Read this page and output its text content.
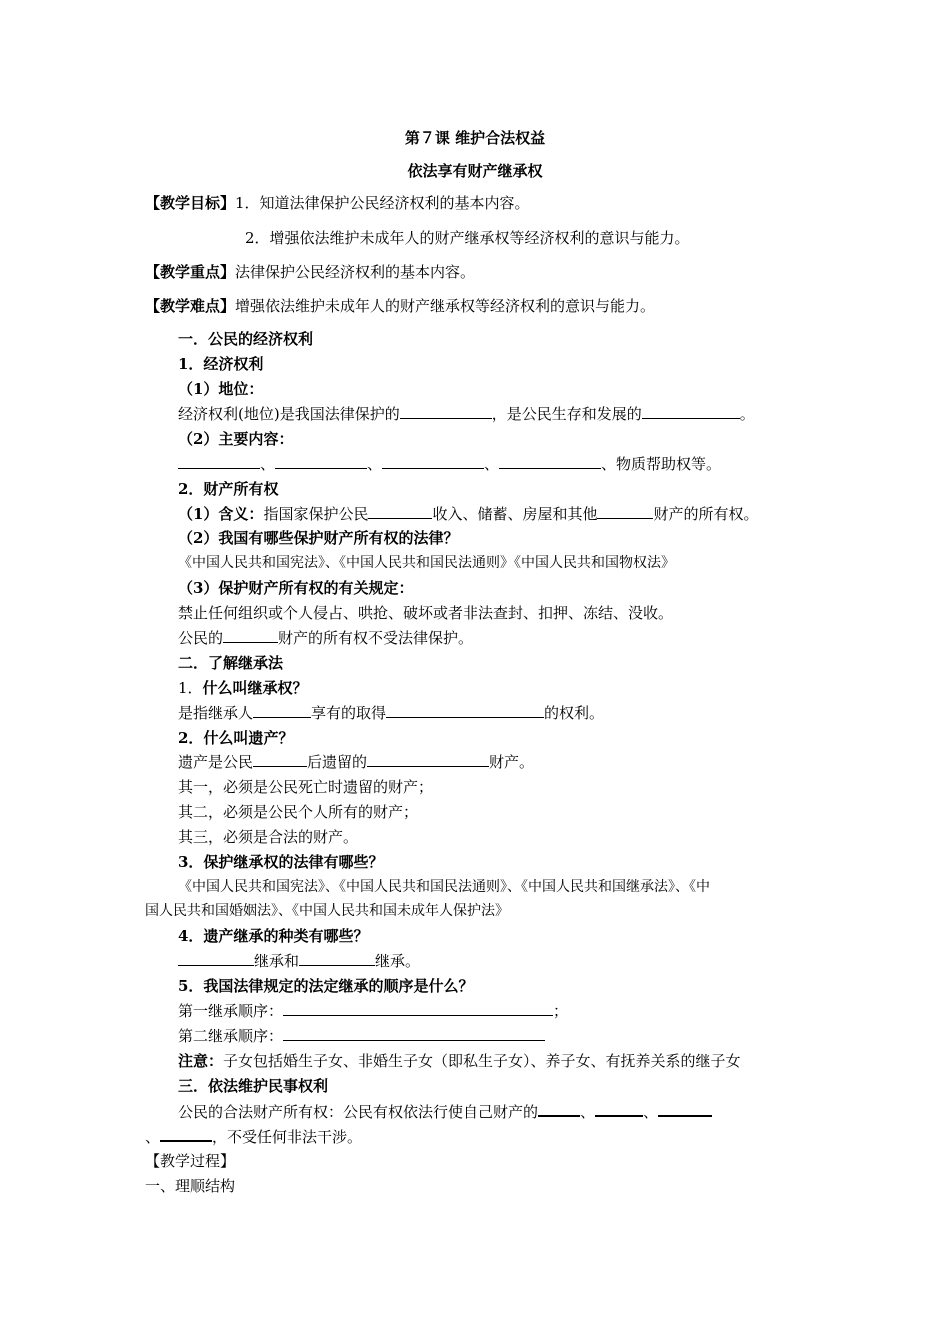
第７课 维护合法权益
依法享有财产继承权
【教学目标】1．知道法律保护公民经济权利的基本内容。
2．增强依法维护未成年人的财产继承权等经济权利的意识与能力。
【教学重点】法律保护公民经济权利的基本内容。
【教学难点】增强依法维护未成年人的财产继承权等经济权利的意识与能力。
一．公民的经济权利
1．经济权利
（1）地位：
经济权利(地位)是我国法律保护的	，是公民生存和发展的	。
（2）主要内容：
、	、	、	、物质帮助权等。
2．财产所有权
（1）含义：指国家保护公民	收入、储蓄、房屋和其他	财产的所有权。
（2）我国有哪些保护财产所有权的法律？
《中国人民共和国宪法》、《中国人民共和国民法通则》《中国人民共和国物权法》
（3）保护财产所有权的有关规定：
禁止任何组织或个人侵占、哄抢、破坏或者非法查封、扣押、冻结、没收。
公民的	财产的所有权不受法律保护。
二．了解继承法
1．什么叫继承权？
是指继承人	享有的取得	的权利。
2．什么叫遗产？
遗产是公民	后遗留的	财产。
其一，必须是公民死亡时遗留的财产；
其二，必须是公民个人所有的财产；
其三，必须是合法的财产。
3．保护继承权的法律有哪些？
《中国人民共和国宪法》、《中国人民共和国民法通则》、《中国人民共和国继承法》、《中
国人民共和国婚姻法》、《中国人民共和国未成年人保护法》
4．遗产继承的种类有哪些？
继承和	继承。
5．我国法律规定的法定继承的顺序是什么？
第一继承顺序：	；
第二继承顺序：
注意：子女包括婚生子女、非婚生子女（即私生子女）、养子女、有抚养关系的继子女
三．依法维护民事权利
公民的合法财产所有权：公民有权依法行使自己财产的	、	、
、	，不受任何非法干涉。
【教学过程】
一、理顺结构
